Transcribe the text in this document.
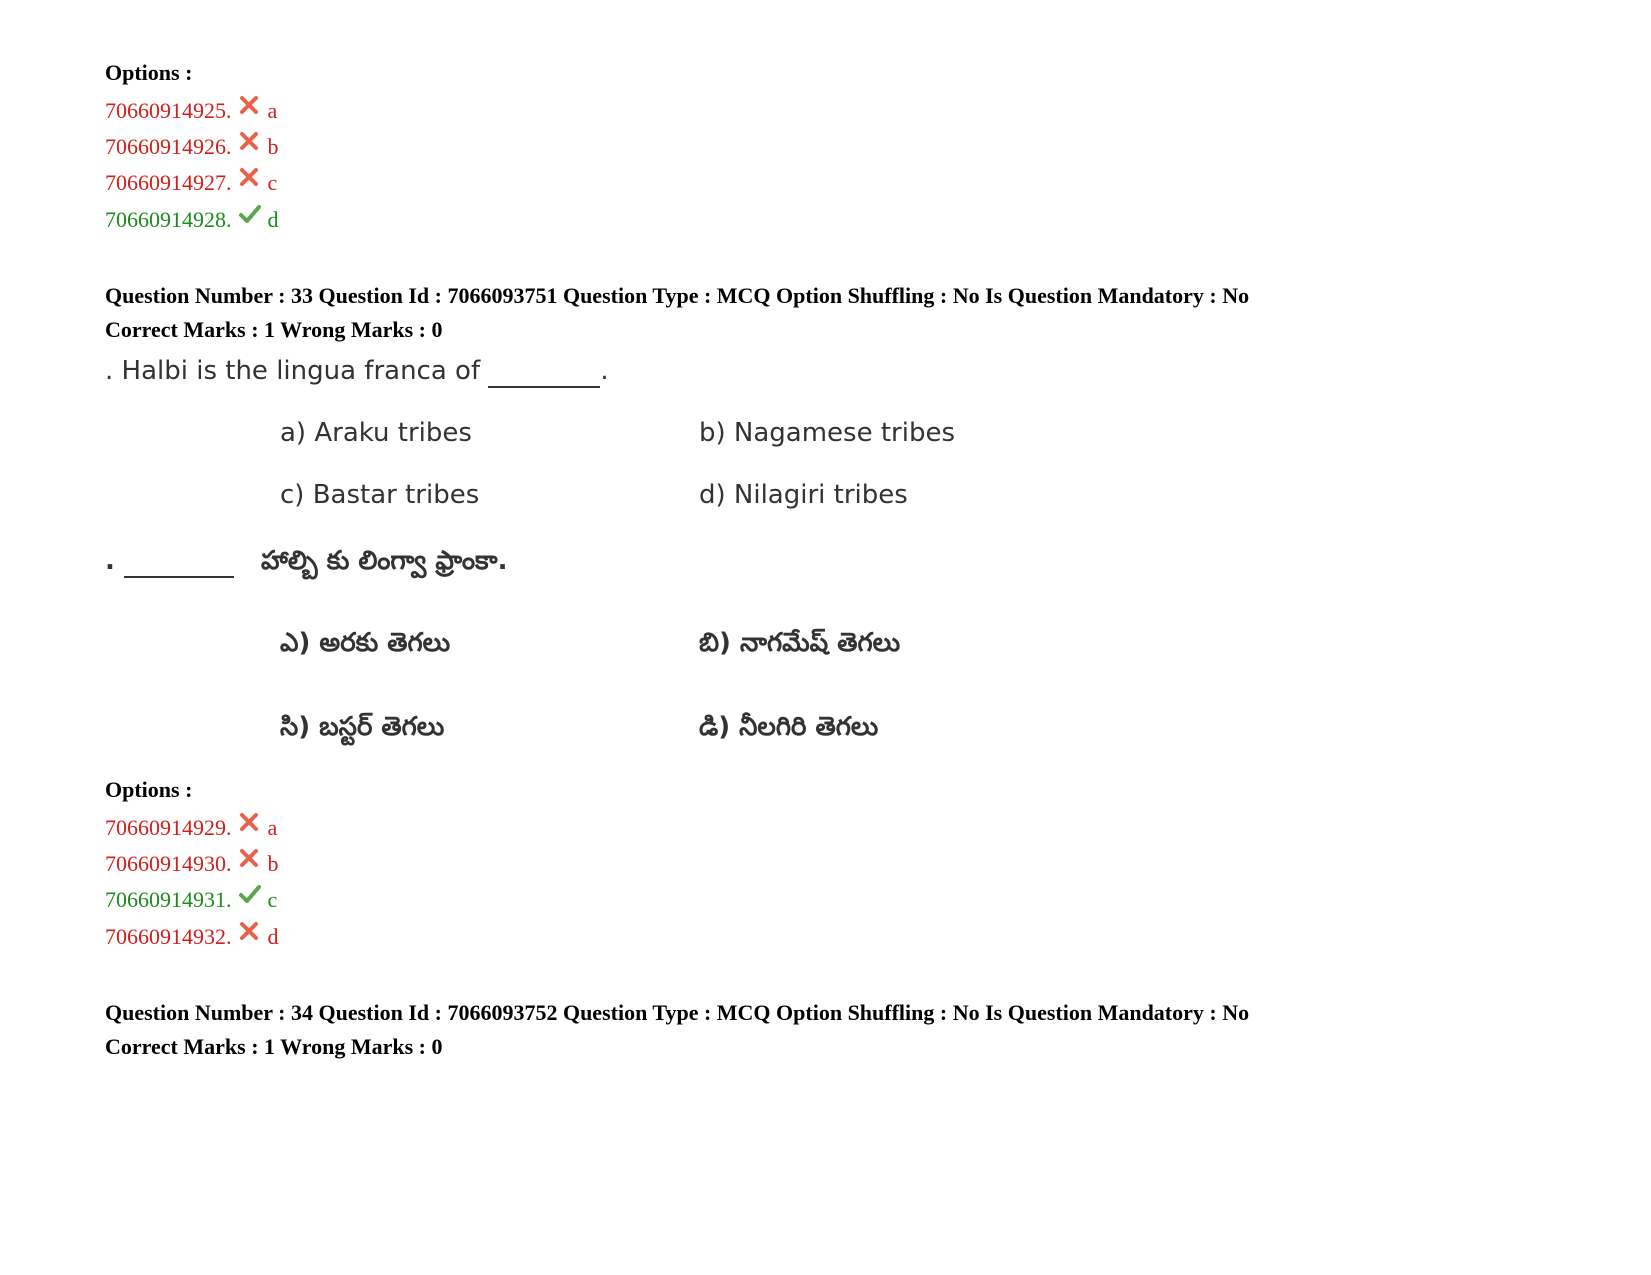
Options :
70660914925. a
70660914926. b
70660914927. c
70660914928. d
Question Number : 33 Question Id : 7066093751 Question Type : MCQ Option Shuffling : No Is Question Mandatory : No
Correct Marks : 1 Wrong Marks : 0
. Halbi is the lingua franca of	.
a) Araku tribes	b) Nagamese tribes
c) Bastar tribes	d) Nilagiri tribes
.	హాల్బి కు లింగ్వా ఫ్రాంకా.
ఎ) అరకు తెగలు	బి) నాగమేష్ తెగలు
సి) బస్టర్ తెగలు	డి) నీలగిరి తెగలు
Options :
70660914929. a
70660914930. b
70660914931. c
70660914932. d
Question Number : 34 Question Id : 7066093752 Question Type : MCQ Option Shuffling : No Is Question Mandatory : No
Correct Marks : 1 Wrong Marks : 0
